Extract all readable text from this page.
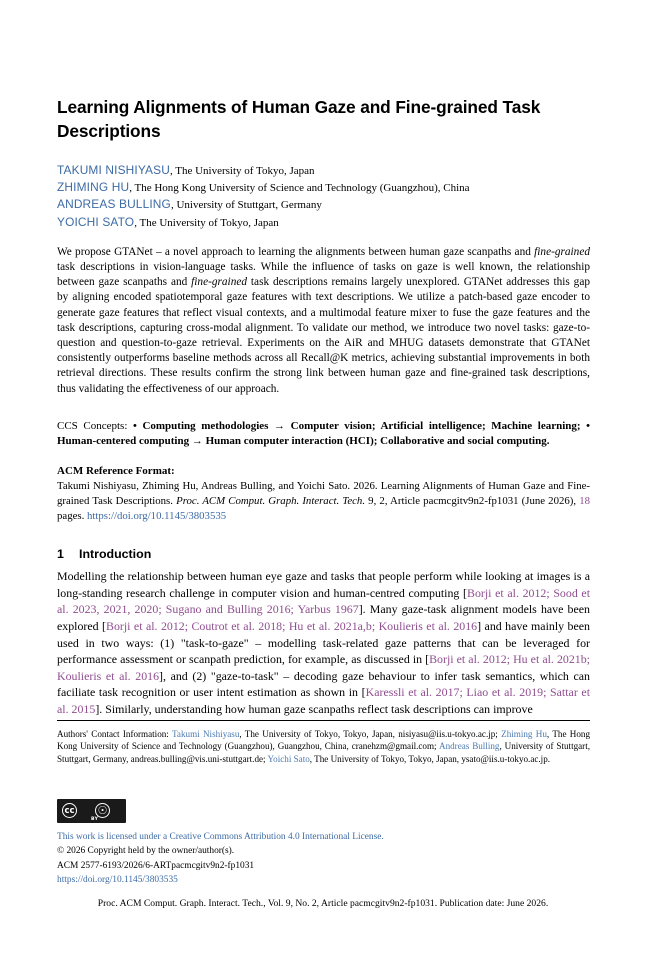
Learning Alignments of Human Gaze and Fine-grained Task Descriptions
TAKUMI NISHIYASU, The University of Tokyo, Japan
ZHIMING HU, The Hong Kong University of Science and Technology (Guangzhou), China
ANDREAS BULLING, University of Stuttgart, Germany
YOICHI SATO, The University of Tokyo, Japan

We propose GTANet – a novel approach to learning the alignments between human gaze scanpaths and fine-grained task descriptions in vision-language tasks. While the influence of tasks on gaze is well known, the relationship between gaze scanpaths and fine-grained task descriptions remains largely unexplored. GTANet addresses this gap by aligning encoded spatiotemporal gaze features with text descriptions. We utilize a patch-based gaze encoder to generate gaze features that reflect visual contexts, and a multimodal feature mixer to fuse the gaze features and the task descriptions, capturing cross-modal alignment. To validate our method, we introduce two novel tasks: gaze-to-question and question-to-gaze retrieval. Experiments on the AiR and MHUG datasets demonstrate that GTANet consistently outperforms baseline methods across all Recall@K metrics, achieving substantial improvements in both retrieval directions. These results confirm the strong link between human gaze and fine-grained task descriptions, thus validating the effectiveness of our approach.

CCS Concepts: • Computing methodologies → Computer vision; Artificial intelligence; Machine learning; • Human-centered computing → Human computer interaction (HCI); Collaborative and social computing.

ACM Reference Format:

Takumi Nishiyasu, Zhiming Hu, Andreas Bulling, and Yoichi Sato. 2026. Learning Alignments of Human Gaze and Fine-grained Task Descriptions. Proc. ACM Comput. Graph. Interact. Tech. 9, 2, Article pacmcgitv9n2-fp1031 (June 2026), 18 pages. https://doi.org/10.1145/3803535

1 Introduction

Modelling the relationship between human eye gaze and tasks that people perform while looking at images is a long-standing research challenge in computer vision and human-centred computing [Borji et al. 2012; Sood et al. 2023, 2021, 2020; Sugano and Bulling 2016; Yarbus 1967]. Many gaze-task alignment models have been explored [Borji et al. 2012; Coutrot et al. 2018; Hu et al. 2021a,b; Koulieris et al. 2016] and have mainly been used in two ways: (1) "task-to-gaze" – modelling task-related gaze patterns that can be leveraged for performance assessment or scanpath prediction, for example, as discussed in [Borji et al. 2012; Hu et al. 2021b; Koulieris et al. 2016], and (2) "gaze-to-task" – decoding gaze behaviour to infer task semantics, which can faciliate task recognition or user intent estimation as shown in [Karessli et al. 2017; Liao et al. 2019; Sattar et al. 2015]. Similarly, understanding how human gaze scanpaths reflect task descriptions can improve

Authors' Contact Information: Takumi Nishiyasu, The University of Tokyo, Tokyo, Japan, nisiyasu@iis.u-tokyo.ac.jp; Zhiming Hu, The Hong Kong University of Science and Technology (Guangzhou), Guangzhou, China, cranehzm@gmail.com; Andreas Bulling, University of Stuttgart, Stuttgart, Germany, andreas.bulling@vis.uni-stuttgart.de; Yoichi Sato, The University of Tokyo, Tokyo, Japan, ysato@iis.u-tokyo.ac.jp.
cc ☉
BY
This work is licensed under a Creative Commons Attribution 4.0 International License.
© 2026 Copyright held by the owner/author(s).
ACM 2577-6193/2026/6-ARTpacmcgitv9n2-fp1031
https://doi.org/10.1145/3803535
Proc. ACM Comput. Graph. Interact. Tech., Vol. 9, No. 2, Article pacmcgitv9n2-fp1031. Publication date: June 2026.
